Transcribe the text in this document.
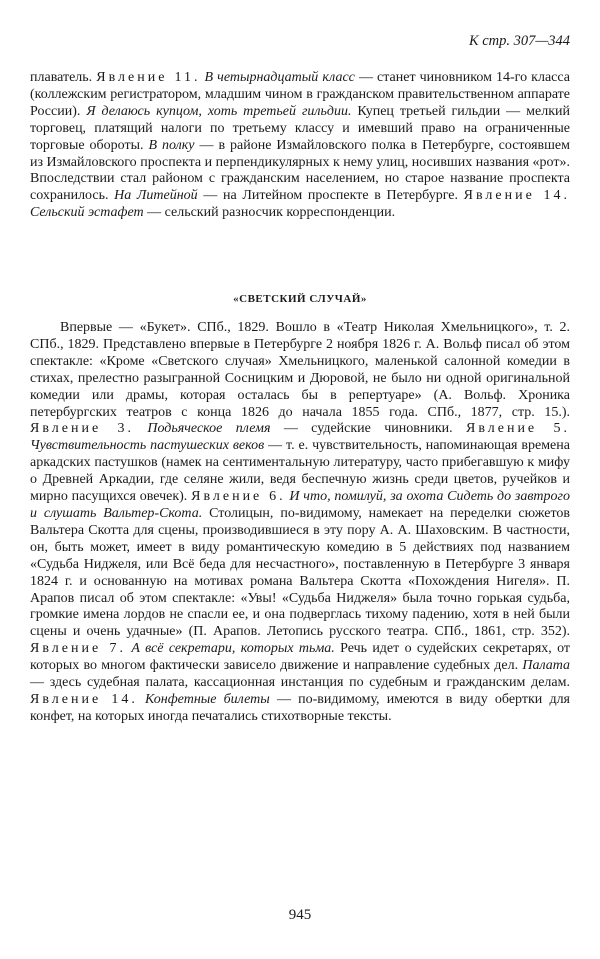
К стр. 307—344

плаватель. Явление 11. В четырнадцатый класс — станет чиновником 14-го класса (коллежским регистратором, младшим чином в гражданском правительственном аппарате России). Я делаюсь купцом, хоть третьей гильдии. Купец третьей гильдии — мелкий торговец, платящий налоги по третьему классу и имевший право на ограниченные торговые обороты. В полку — в районе Измайловского полка в Петербурге, состоявшем из Измайловского проспекта и перпендикулярных к нему улиц, носивших названия «рот». Впоследствии стал районом с гражданским населением, но старое название проспекта сохранилось. На Литейной — на Литейном проспекте в Петербурге. Явление 14. Сельский эстафет — сельский разносчик корреспонденции.

«СВЕТСКИЙ СЛУЧАЙ»

Впервые — «Букет». СПб., 1829. Вошло в «Театр Николая Хмельницкого», т. 2. СПб., 1829. Представлено впервые в Петербурге 2 ноября 1826 г. А. Вольф писал об этом спектакле: «Кроме «Светского случая» Хмельницкого, маленькой салонной комедии в стихах, прелестно разыгранной Сосницким и Дюровой, не было ни одной оригинальной комедии или драмы, которая осталась бы в репертуаре» (А. Вольф. Хроника петербургских театров с конца 1826 до начала 1855 года. СПб., 1877, стр. 15.). Явление 3. Подьяческое племя — судейские чиновники. Явление 5. Чувствительность пастушеских веков — т. е. чувствительность, напоминающая времена аркадских пастушков (намек на сентиментальную литературу, часто прибегавшую к мифу о Древней Аркадии, где селяне жили, ведя беспечную жизнь среди цветов, ручейков и мирно пасущихся овечек). Явление 6. И что, помилуй, за охота Сидеть до завтрого и слушать Вальтер-Скота. Столицын, по-видимому, намекает на переделки сюжетов Вальтера Скотта для сцены, производившиеся в эту пору А. А. Шаховским. В частности, он, быть может, имеет в виду романтическую комедию в 5 действиях под названием «Судьба Ниджеля, или Всё беда для несчастного», поставленную в Петербурге 3 января 1824 г. и основанную на мотивах романа Вальтера Скотта «Похождения Нигеля». П. Арапов писал об этом спектакле: «Увы! «Судьба Ниджеля» была точно горькая судьба, громкие имена лордов не спасли ее, и она подверглась тихому падению, хотя в ней были сцены и очень удачные» (П. Арапов. Летопись русского театра. СПб., 1861, стр. 352). Явление 7. А всё секретари, которых тьма. Речь идет о судейских секретарях, от которых во многом фактически зависело движение и направление судебных дел. Палата — здесь судебная палата, кассационная инстанция по судебным и гражданским делам. Явление 14. Конфетные билеты — по-видимому, имеются в виду обертки для конфет, на которых иногда печатались стихотворные тексты.

945
